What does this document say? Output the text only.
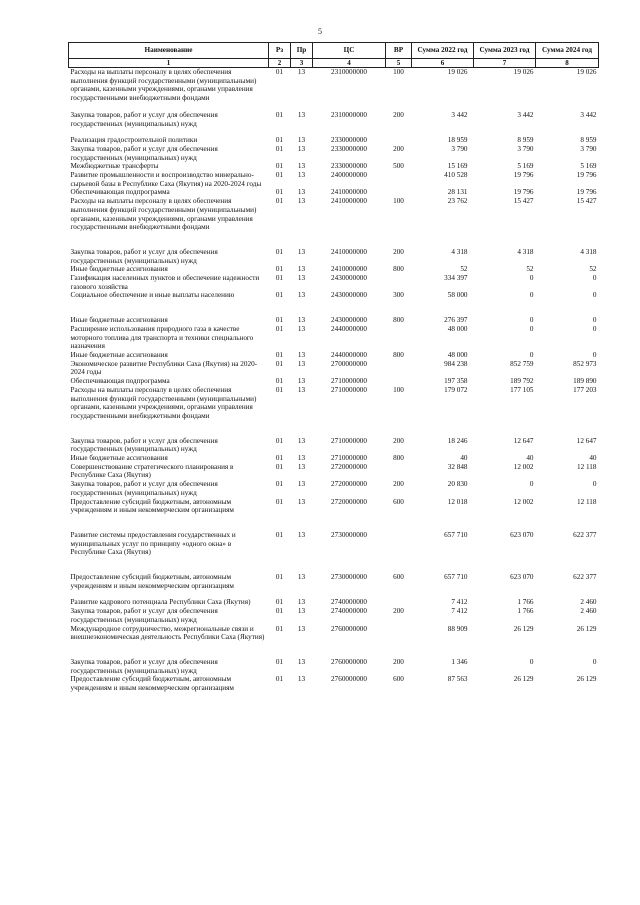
5
Наименование	Рз	Пр	ЦС	ВР	Сумма 2022 год	Сумма 2023 год	Сумма 2024 год
1	2	3	4	5	6	7	8
Расходы на выплаты персоналу в целях обеспечения выполнения функций государственными (муниципальными) органами, казенными учреждениями, органами управления государственными внебюджетными фондами	01	13	2310000000	100	19 026	19 026	19 026

Закупка товаров, работ и услуг для обеспечения государственных (муниципальных) нужд	01	13	2310000000	200	3 442	3 442	3 442

Реализация градостроительной политики	01	13	2330000000		18 959	8 959	8 959
Закупка товаров, работ и услуг для обеспечения государственных (муниципальных) нужд	01	13	2330000000	200	3 790	3 790	3 790
Межбюджетные трансферты	01	13	2330000000	500	15 169	5 169	5 169
Развитие промышленности и воспроизводство минерально-сырьевой базы в Республике Саха (Якутия) на 2020-2024 годы	01	13	2400000000		410 528	19 796	19 796
Обеспечивающая подпрограмма	01	13	2410000000		28 131	19 796	19 796
Расходы на выплаты персоналу в целях обеспечения выполнения функций государственными (муниципальными) органами, казенными учреждениями, органами управления государственными внебюджетными фондами	01	13	2410000000	100	23 762	15 427	15 427

Закупка товаров, работ и услуг для обеспечения государственных (муниципальных) нужд	01	13	2410000000	200	4 318	4 318	4 318
Иные бюджетные ассигнования	01	13	2410000000	800	52	52	52
Газификация населенных пунктов и обеспечение надежности газового хозяйства	01	13	2430000000		334 397	0	0
Социальное обеспечение и иные выплаты населению	01	13	2430000000	300	58 000	0	0

Иные бюджетные ассигнования	01	13	2430000000	800	276 397	0	0
Расширение использования природного газа в качестве моторного топлива для транспорта и техники специального назначения	01	13	2440000000		48 000	0	0
Иные бюджетные ассигнования	01	13	2440000000	800	48 000	0	0
Экономическое развитие Республики Саха (Якутия) на 2020-2024 годы	01	13	2700000000		984 238	852 759	852 973
Обеспечивающая подпрограмма	01	13	2710000000		197 358	189 792	189 890
Расходы на выплаты персоналу в целях обеспечения выполнения функций государственными (муниципальными) органами, казенными учреждениями, органами управления государственными внебюджетными фондами	01	13	2710000000	100	179 072	177 105	177 203

Закупка товаров, работ и услуг для обеспечения государственных (муниципальных) нужд	01	13	2710000000	200	18 246	12 647	12 647
Иные бюджетные ассигнования	01	13	2710000000	800	40	40	40
Совершенствование стратегического планирования в Республике Саха (Якутия)	01	13	2720000000		32 848	12 002	12 118
Закупка товаров, работ и услуг для обеспечения государственных (муниципальных) нужд	01	13	2720000000	200	20 830	0	0
Предоставление субсидий бюджетным, автономным учреждениям и иным некоммерческим организациям	01	13	2720000000	600	12 018	12 002	12 118

Развитие системы предоставления государственных и муниципальных услуг по принципу «одного окна» в Республике Саха (Якутия)	01	13	2730000000		657 710	623 070	622 377

Предоставление субсидий бюджетным, автономным учреждениям и иным некоммерческим организациям	01	13	2730000000	600	657 710	623 070	622 377

Развитие кадрового потенциала Республики Саха (Якутия)	01	13	2740000000		7 412	1 766	2 460
Закупка товаров, работ и услуг для обеспечения государственных (муниципальных) нужд	01	13	2740000000	200	7 412	1 766	2 460
Международное сотрудничество, межрегиональные связи и внешнеэкономическая деятельность Республики Саха (Якутия)	01	13	2760000000		88 909	26 129	26 129

Закупка товаров, работ и услуг для обеспечения государственных (муниципальных) нужд	01	13	2760000000	200	1 346	0	0
Предоставление субсидий бюджетным, автономным учреждениям и иным некоммерческим организациям	01	13	2760000000	600	87 563	26 129	26 129
